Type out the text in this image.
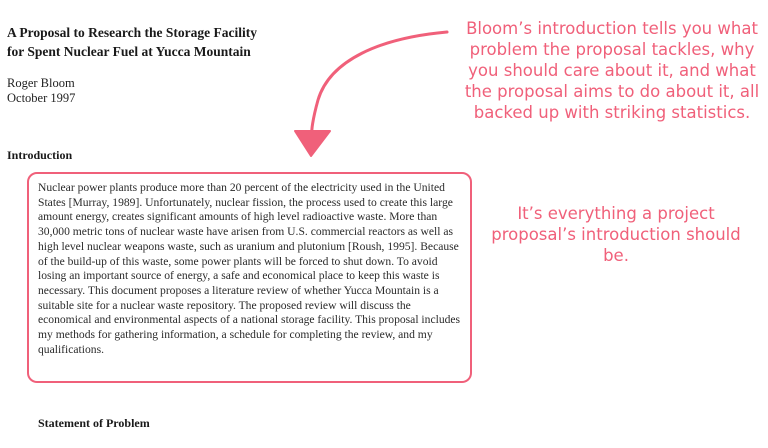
A Proposal to Research the Storage Facility
for Spent Nuclear Fuel at Yucca Mountain
Roger Bloom
October 1997
Introduction

Nuclear power plants produce more than 20 percent of the electricity used in the United States [Murray, 1989]. Unfortunately, nuclear fission, the process used to create this large amount energy, creates significant amounts of high level radioactive waste. More than 30,000 metric tons of nuclear waste have arisen from U.S. commercial reactors as well as high level nuclear weapons waste, such as uranium and plutonium [Roush, 1995]. Because of the build-up of this waste, some power plants will be forced to shut down. To avoid losing an important source of energy, a safe and economical place to keep this waste is necessary. This document proposes a literature review of whether Yucca Mountain is a suitable site for a nuclear waste repository. The proposed review will discuss the economical and environmental aspects of a national storage facility. This proposal includes my methods for gathering information, a schedule for completing the review, and my qualifications.

Statement of Problem

Bloom’s introduction tells you what problem the proposal tackles, why you should care about it, and what the proposal aims to do about it, all backed up with striking statistics.

It’s everything a project proposal’s introduction should be.
